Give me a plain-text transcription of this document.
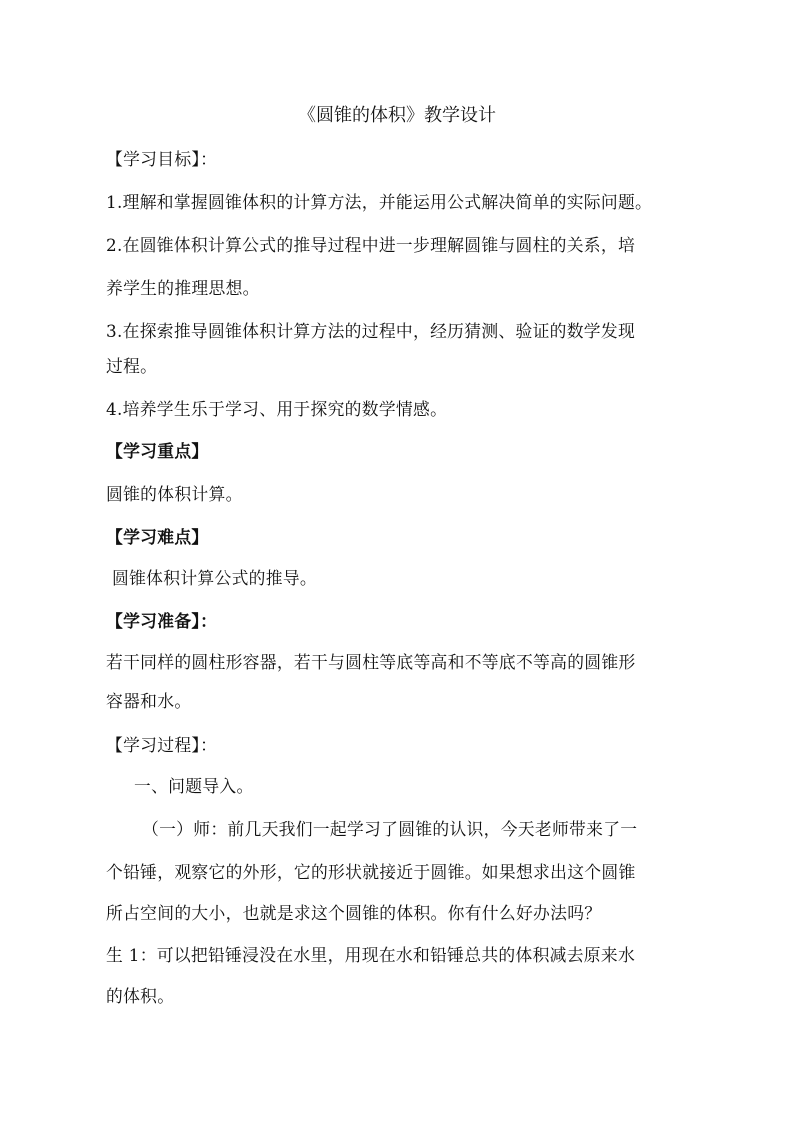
《圆锥的体积》教学设计
【学习目标】：
1.理解和掌握圆锥体积的计算方法，并能运用公式解决简单的实际问题。
2.在圆锥体积计算公式的推导过程中进一步理解圆锥与圆柱的关系，培
养学生的推理思想。
3.在探索推导圆锥体积计算方法的过程中，经历猜测、验证的数学发现
过程。
4.培养学生乐于学习、用于探究的数学情感。
【学习重点】
圆锥的体积计算。
【学习难点】
圆锥体积计算公式的推导。
【学习准备】：
若干同样的圆柱形容器，若干与圆柱等底等高和不等底不等高的圆锥形
容器和水。
【学习过程】：
一、问题导入。
（一）师：前几天我们一起学习了圆锥的认识，今天老师带来了一
个铅锤，观察它的外形，它的形状就接近于圆锥。如果想求出这个圆锥
所占空间的大小，也就是求这个圆锥的体积。你有什么好办法吗？
生 1：可以把铅锤浸没在水里，用现在水和铅锤总共的体积减去原来水
的体积。
